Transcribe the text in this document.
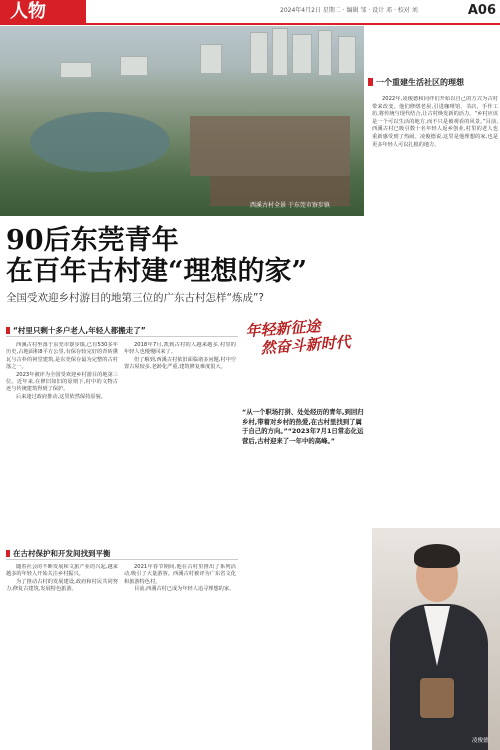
人物	2024年4月2日 星期二 · 编辑 邹 · 设计 邓 · 校对 刘	A06
西溪古村全景 于东莞市寮步镇
一个重建生活社区的理想

2022年,凌俊德和同伴们开始以自己的方式为古村带来改变。他们修缮老屋,引进咖啡馆、书店、手作工坊,将传统与现代结合,让古村焕发新的活力。“乡村应该是一个可以生活的地方,而不只是被观看的风景。”目前,西溪古村已吸引数十名年轻人返乡创业,村里的老人也重新感受到了热闹。凌俊德说,这里是他理想的家,也是更多年轻人可以扎根的地方。

90后东莞青年
在百年古村建“理想的家”
全国受欢迎乡村游目的地第三位的广东古村怎样“炼成”?
“村里只剩十多户老人,年轻人都搬走了”

西溪古村坐落于东莞市寮步镇,已有530多年历史,占地面积8平方公里,有保存较完好的青砖黛瓦与古朴的祠堂建筑,是东莞保存最为完整的古村落之一。

2023年被评为全国受欢迎乡村游目的地第三位。近年来,在修旧如旧的原则下,村中的文物古迹与传统建筑得到了保护。

后来逢过政府推动,这里依然保持原貌。

2018年7月,凯到古村的人越来越多,村里的年轻人也慢慢回来了。

但了解到,西溪古村依旧面临诸多问题,村中空置古屋较多,老龄化严重,建筑修复难度很大。

年轻新征途
然奋斗新时代
“从一个职场打拼、处处经历的青年,到回归乡村,带着对乡村的热爱,在古村里找到了属于自己的方向。”“2023年7月1日常态化运营后,古村迎来了一年中的高峰。”
在古村保护和开发间找到平衡

随着社会的不断发展和文旅产业的兴起,越来越多的年轻人开始关注乡村振兴。

为了推动古村的发展建设,政府和村民共同努力,修复古建筑,发展特色旅游。

2021年春节期间,他在古村里推出了系列活动,吸引了大量游客。西溪古村被评为广东省文化和旅游特色村。

目前,西溪古村已成为年轻人追寻理想的家。

凌俊德
